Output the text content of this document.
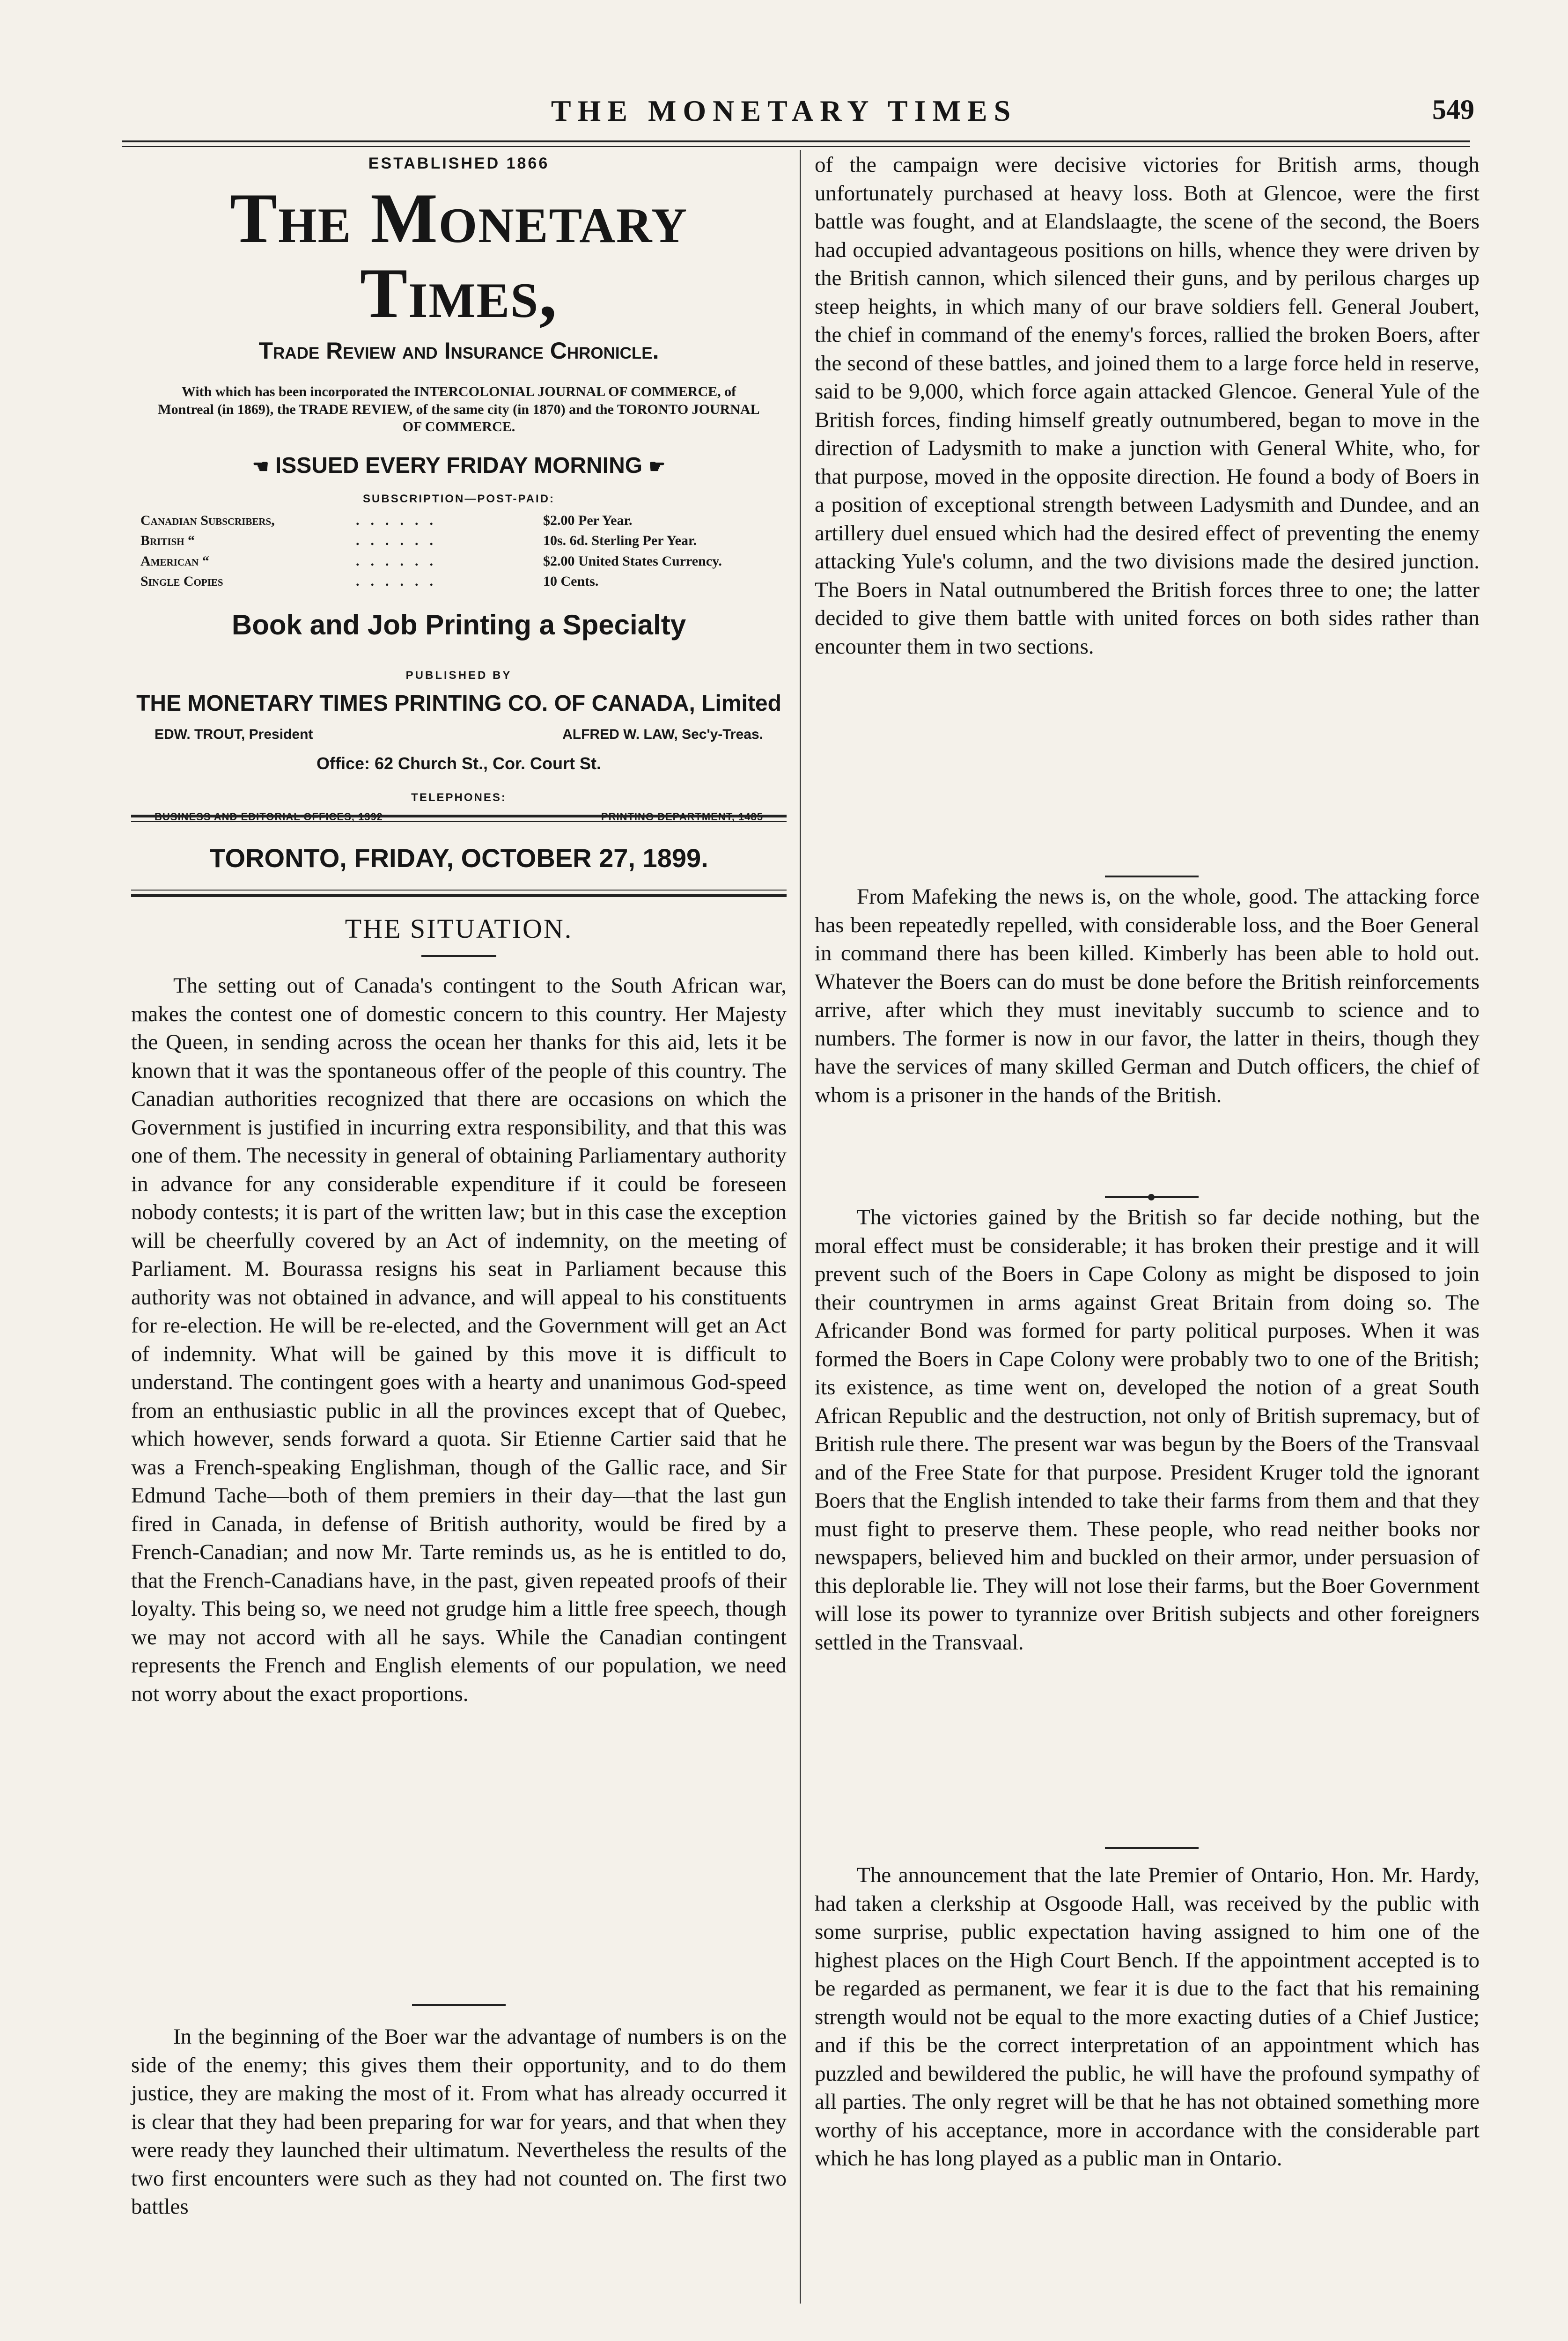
THE MONETARY TIMES	549
ESTABLISHED 1866
The Monetary Times,
Trade Review and Insurance Chronicle.
With which has been incorporated the INTERCOLONIAL JOURNAL OF COMMERCE, of Montreal (in 1869), the TRADE REVIEW, of the same city (in 1870) and the TORONTO JOURNAL OF COMMERCE.
☚ ISSUED EVERY FRIDAY MORNING ☛
SUBSCRIPTION—POST-PAID:
Canadian Subscribers,	......	$2.00 Per Year.
British “	......	10s. 6d. Sterling Per Year.
American “	......	$2.00 United States Currency.
Single Copies	......	10 Cents.
Book and Job Printing a Specialty
PUBLISHED BY
THE MONETARY TIMES PRINTING CO. OF CANADA, Limited
EDW. TROUT, President	ALFRED W. LAW, Sec'y-Treas.
Office: 62 Church St., Cor. Court St.
TELEPHONES:
BUSINESS AND EDITORIAL OFFICES, 1392	PRINTING DEPARTMENT, 1485
TORONTO, FRIDAY, OCTOBER 27, 1899.
THE SITUATION.

The setting out of Canada's contingent to the South African war, makes the contest one of domestic concern to this country. Her Majesty the Queen, in sending across the ocean her thanks for this aid, lets it be known that it was the spontaneous offer of the people of this country. The Canadian authorities recognized that there are occasions on which the Government is justified in incurring extra responsibility, and that this was one of them. The necessity in general of obtaining Parliamentary authority in advance for any considerable expenditure if it could be foreseen nobody contests; it is part of the written law; but in this case the exception will be cheerfully covered by an Act of indemnity, on the meeting of Parliament. M. Bourassa resigns his seat in Parliament because this authority was not obtained in advance, and will appeal to his constituents for re-election. He will be re-elected, and the Government will get an Act of indemnity. What will be gained by this move it is difficult to understand. The contingent goes with a hearty and unanimous God-speed from an enthusiastic public in all the provinces except that of Quebec, which however, sends forward a quota. Sir Etienne Cartier said that he was a French-speaking Englishman, though of the Gallic race, and Sir Edmund Tache—both of them premiers in their day—that the last gun fired in Canada, in defense of British authority, would be fired by a French-Canadian; and now Mr. Tarte reminds us, as he is entitled to do, that the French-Canadians have, in the past, given repeated proofs of their loyalty. This being so, we need not grudge him a little free speech, though we may not accord with all he says. While the Canadian contingent represents the French and English elements of our population, we need not worry about the exact proportions.

In the beginning of the Boer war the advantage of numbers is on the side of the enemy; this gives them their opportunity, and to do them justice, they are making the most of it. From what has already occurred it is clear that they had been preparing for war for years, and that when they were ready they launched their ultimatum. Nevertheless the results of the two first encounters were such as they had not counted on. The first two battles

of the campaign were decisive victories for British arms, though unfortunately purchased at heavy loss. Both at Glencoe, were the first battle was fought, and at Elandslaagte, the scene of the second, the Boers had occupied advantageous positions on hills, whence they were driven by the British cannon, which silenced their guns, and by perilous charges up steep heights, in which many of our brave soldiers fell. General Joubert, the chief in command of the enemy's forces, rallied the broken Boers, after the second of these battles, and joined them to a large force held in reserve, said to be 9,000, which force again attacked Glencoe. General Yule of the British forces, finding himself greatly outnumbered, began to move in the direction of Ladysmith to make a junction with General White, who, for that purpose, moved in the opposite direction. He found a body of Boers in a position of exceptional strength between Ladysmith and Dundee, and an artillery duel ensued which had the desired effect of preventing the enemy attacking Yule's column, and the two divisions made the desired junction. The Boers in Natal outnumbered the British forces three to one; the latter decided to give them battle with united forces on both sides rather than encounter them in two sections.

From Mafeking the news is, on the whole, good. The attacking force has been repeatedly repelled, with considerable loss, and the Boer General in command there has been killed. Kimberly has been able to hold out. Whatever the Boers can do must be done before the British reinforcements arrive, after which they must inevitably succumb to science and to numbers. The former is now in our favor, the latter in theirs, though they have the services of many skilled German and Dutch officers, the chief of whom is a prisoner in the hands of the British.

The victories gained by the British so far decide nothing, but the moral effect must be considerable; it has broken their prestige and it will prevent such of the Boers in Cape Colony as might be disposed to join their countrymen in arms against Great Britain from doing so. The Africander Bond was formed for party political purposes. When it was formed the Boers in Cape Colony were probably two to one of the British; its existence, as time went on, developed the notion of a great South African Republic and the destruction, not only of British supremacy, but of British rule there. The present war was begun by the Boers of the Transvaal and of the Free State for that purpose. President Kruger told the ignorant Boers that the English intended to take their farms from them and that they must fight to preserve them. These people, who read neither books nor newspapers, believed him and buckled on their armor, under persuasion of this deplorable lie. They will not lose their farms, but the Boer Government will lose its power to tyrannize over British subjects and other foreigners settled in the Transvaal.

The announcement that the late Premier of Ontario, Hon. Mr. Hardy, had taken a clerkship at Osgoode Hall, was received by the public with some surprise, public expectation having assigned to him one of the highest places on the High Court Bench. If the appointment accepted is to be regarded as permanent, we fear it is due to the fact that his remaining strength would not be equal to the more exacting duties of a Chief Justice; and if this be the correct interpretation of an appointment which has puzzled and bewildered the public, he will have the profound sympathy of all parties. The only regret will be that he has not obtained something more worthy of his acceptance, more in accordance with the considerable part which he has long played as a public man in Ontario.
